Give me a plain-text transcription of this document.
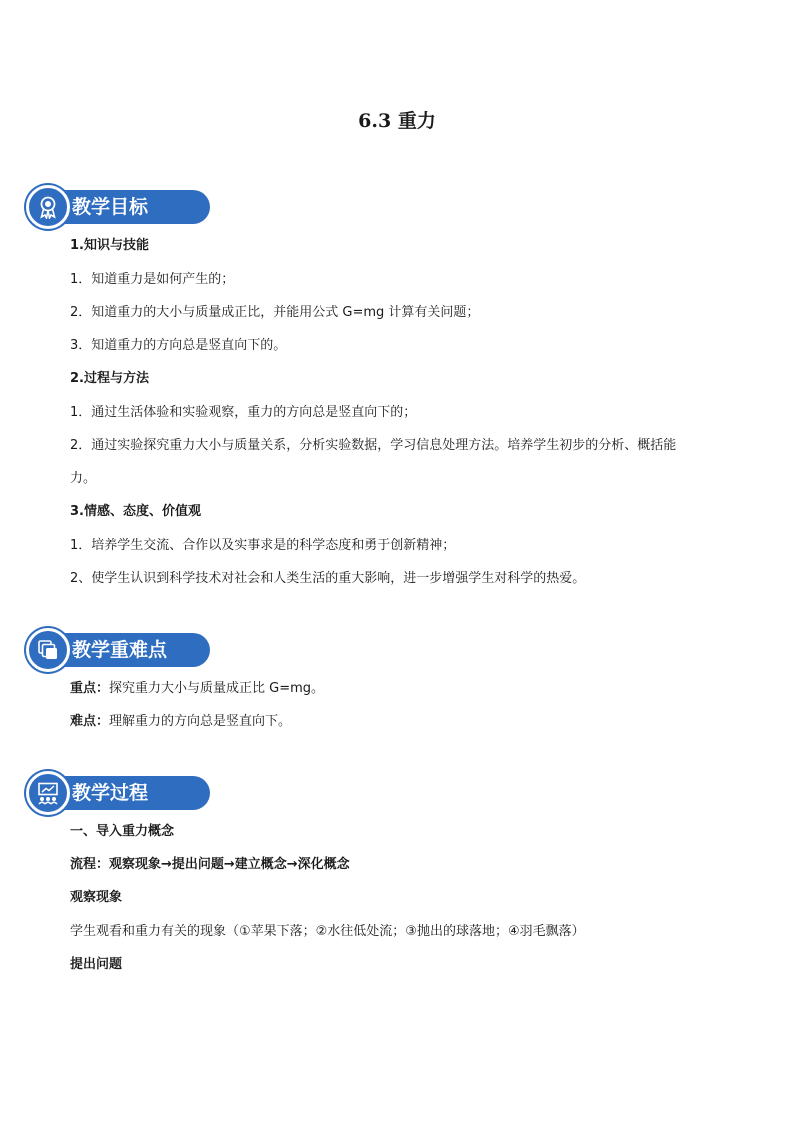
6.3 重力
教学目标
1.知识与技能
1．知道重力是如何产生的；
2．知道重力的大小与质量成正比，并能用公式 G=mg 计算有关问题；
3．知道重力的方向总是竖直向下的。
2.过程与方法
1．通过生活体验和实验观察，重力的方向总是竖直向下的；
2．通过实验探究重力大小与质量关系，分析实验数据，学习信息处理方法。培养学生初步的分析、概括能
力。
3.情感、态度、价值观
1．培养学生交流、合作以及实事求是的科学态度和勇于创新精神；
2、使学生认识到科学技术对社会和人类生活的重大影响，进一步增强学生对科学的热爱。
教学重难点
重点：探究重力大小与质量成正比 G=mg。
难点：理解重力的方向总是竖直向下。
教学过程
一、导入重力概念
流程：观察现象→提出问题→建立概念→深化概念
观察现象
学生观看和重力有关的现象（①苹果下落；②水往低处流；③抛出的球落地；④羽毛飘落）
提出问题
